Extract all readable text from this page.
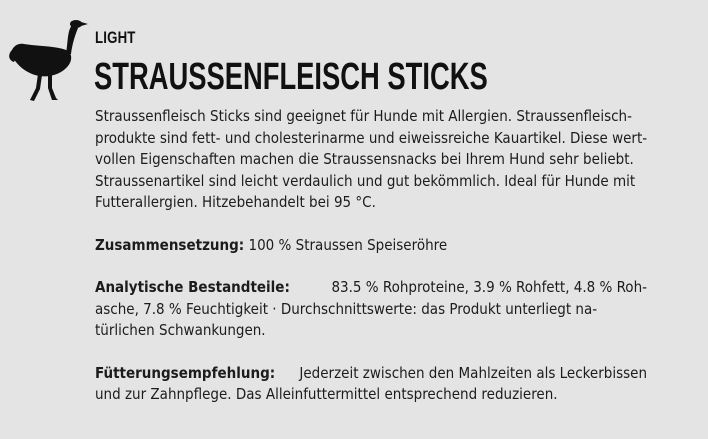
LIGHT
STRAUSSENFLEISCH STICKS
Straussenfleisch Sticks sind geeignet für Hunde mit Allergien. Straussenfleisch-
produkte sind fett- und cholesterinarme und eiweissreiche Kauartikel. Diese wert-
vollen Eigenschaften machen die Straussensnacks bei Ihrem Hund sehr beliebt.
Straussenartikel sind leicht verdaulich und gut bekömmlich. Ideal für Hunde mit
Futterallergien. Hitzebehandelt bei 95 °C.
Zusammensetzung: 100 % Straussen Speiseröhre
Analytische Bestandteile:	83.5 % Rohproteine, 3.9 % Rohfett, 4.8 % Roh-
asche, 7.8 % Feuchtigkeit · Durchschnittswerte: das Produkt unterliegt na-
türlichen Schwankungen.
Fütterungsempfehlung: Jederzeit zwischen den Mahlzeiten als Leckerbissen
und zur Zahnpflege. Das Alleinfuttermittel entsprechend reduzieren.
